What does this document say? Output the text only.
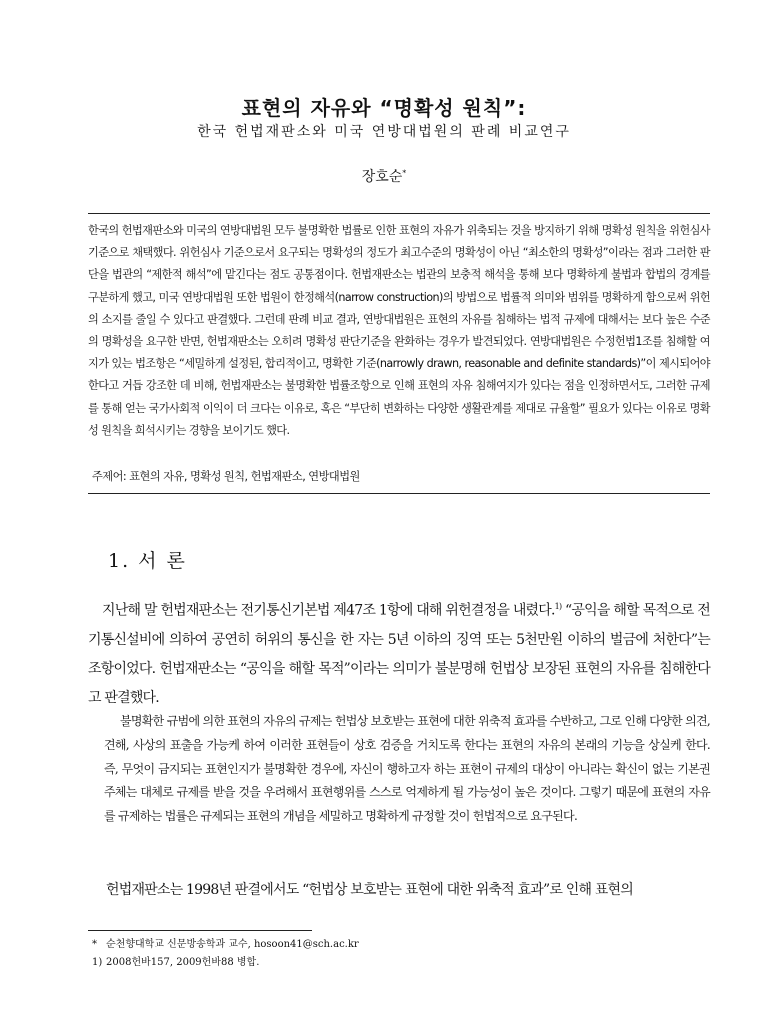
표현의 자유와 “명확성 원칙”:
한국 헌법재판소와 미국 연방대법원의 판례 비교연구
장호순*
한국의 헌법재판소와 미국의 연방대법원 모두 불명확한 법률로 인한 표현의 자유가 위축되는 것을 방지하기 위해 명확성 원칙을 위헌심사 기준으로 채택했다. 위헌심사 기준으로서 요구되는 명확성의 정도가 최고수준의 명확성이 아닌 “최소한의 명확성”이라는 점과 그러한 판단을 법관의 “제한적 해석”에 맡긴다는 점도 공통점이다. 헌법재판소는 법관의 보충적 해석을 통해 보다 명확하게 불법과 합법의 경계를 구분하게 했고, 미국 연방대법원 또한 법원이 한정해석(narrow construction)의 방법으로 법률적 의미와 범위를 명확하게 함으로써 위헌의 소지를 줄일 수 있다고 판결했다. 그런데 판례 비교 결과, 연방대법원은 표현의 자유를 침해하는 법적 규제에 대해서는 보다 높은 수준의 명확성을 요구한 반면, 헌법재판소는 오히려 명확성 판단기준을 완화하는 경우가 발견되었다. 연방대법원은 수정헌법1조를 침해할 여지가 있는 법조항은 “세밀하게 설정된, 합리적이고, 명확한 기준(narrowly drawn, reasonable and definite standards)”이 제시되어야 한다고 거듭 강조한 데 비해, 헌법재판소는 불명확한 법률조항으로 인해 표현의 자유 침해여지가 있다는 점을 인정하면서도, 그러한 규제를 통해 얻는 국가사회적 이익이 더 크다는 이유로, 혹은 “부단히 변화하는 다양한 생활관계를 제대로 규율할” 필요가 있다는 이유로 명확성 원칙을 희석시키는 경향을 보이기도 했다.
주제어: 표현의 자유, 명확성 원칙, 헌법재판소, 연방대법원
1. 서 론
지난해 말 헌법재판소는 전기통신기본법 제47조 1항에 대해 위헌결정을 내렸다.$^{1)}$ “공익을 해할 목적으로 전기통신설비에 의하여 공연히 허위의 통신을 한 자는 5년 이하의 징역 또는 5천만원 이하의 벌금에 처한다”는 조항이었다. 헌법재판소는 “공익을 해할 목적”이라는 의미가 불분명해 헌법상 보장된 표현의 자유를 침해한다고 판결했다.
불명확한 규범에 의한 표현의 자유의 규제는 헌법상 보호받는 표현에 대한 위축적 효과를 수반하고, 그로 인해 다양한 의견, 견해, 사상의 표출을 가능케 하여 이러한 표현들이 상호 검증을 거치도록 한다는 표현의 자유의 본래의 기능을 상실케 한다. 즉, 무엇이 금지되는 표현인지가 불명확한 경우에, 자신이 행하고자 하는 표현이 규제의 대상이 아니라는 확신이 없는 기본권주체는 대체로 규제를 받을 것을 우려해서 표현행위를 스스로 억제하게 될 가능성이 높은 것이다. 그렇기 때문에 표현의 자유를 규제하는 법률은 규제되는 표현의 개념을 세밀하고 명확하게 규정할 것이 헌법적으로 요구된다.
헌법재판소는 1998년 판결에서도 “헌법상 보호받는 표현에 대한 위축적 효과”로 인해 표현의
* 순천향대학교 신문방송학과 교수, hosoon41@sch.ac.kr
1) 2008헌바157, 2009헌바88 병합.
